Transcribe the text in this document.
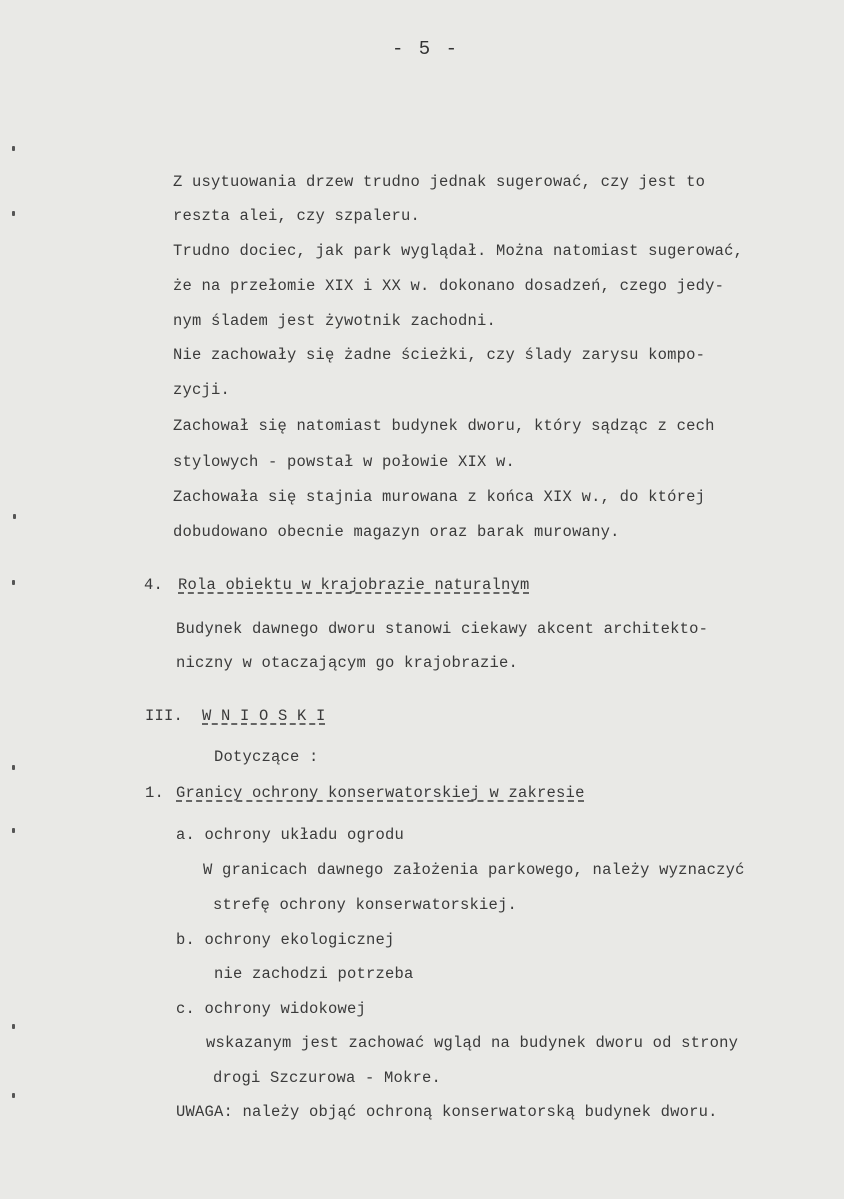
- 5 -
Z usytuowania drzew trudno jednak sugerować, czy jest to
reszta alei, czy szpaleru.
Trudno dociec, jak park wyglądał. Można natomiast sugerować,
że na przełomie XIX i XX w. dokonano dosadzeń, czego jedy-
nym śladem jest żywotnik zachodni.
Nie zachowały się żadne ścieżki, czy ślady zarysu kompo-
zycji.
Zachował się natomiast budynek dworu, który sądząc z cech
stylowych - powstał w połowie XIX w.
Zachowała się stajnia murowana z końca XIX w., do której
dobudowano obecnie magazyn oraz barak murowany.
4. Rola obiektu w krajobrazie naturalnym
Budynek dawnego dworu stanowi ciekawy akcent architekto-
niczny w otaczającym go krajobrazie.
III. W N I O S K I
Dotyczące :
1. Granicy ochrony konserwatorskiej w zakresie
a. ochrony układu ogrodu
W granicach dawnego założenia parkowego, należy wyznaczyć
strefę ochrony konserwatorskiej.
b. ochrony ekologicznej
nie zachodzi potrzeba
c. ochrony widokowej
wskazanym jest zachować wgląd na budynek dworu od strony
drogi Szczurowa - Mokre.
UWAGA: należy objąć ochroną konserwatorską budynek dworu.
